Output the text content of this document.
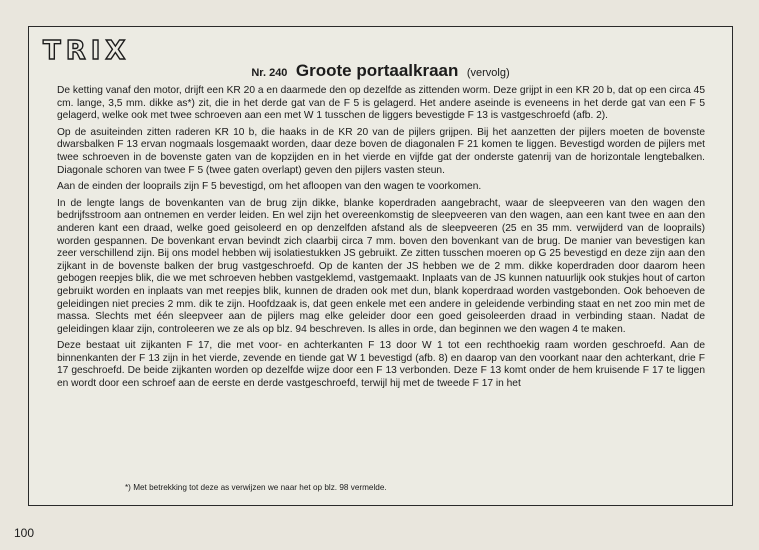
TRIX
Nr. 240 Groote portaalkraan (vervolg)

De ketting vanaf den motor, drijft een KR 20 a en daarmede den op dezelfde as zittenden worm. Deze grijpt in een KR 20 b, dat op een circa 45 cm. lange, 3,5 mm. dikke as*) zit, die in het derde gat van de F 5 is gelagerd. Het andere aseinde is eveneens in het derde gat van een F 5 gelagerd, welke ook met twee schroeven aan een met W 1 tusschen de liggers bevestigde F 13 is vastgeschroefd (afb. 2).

Op de asuiteinden zitten raderen KR 10 b, die haaks in de KR 20 van de pijlers grijpen. Bij het aanzetten der pijlers moeten de bovenste dwarsbalken F 13 ervan nogmaals losgemaakt worden, daar deze boven de diagonalen F 21 komen te liggen. Bevestigd worden de pijlers met twee schroeven in de bovenste gaten van de kopzijden en in het vierde en vijfde gat der onderste gatenrij van de horizontale lengtebalken. Diagonale schoren van twee F 5 (twee gaten overlapt) geven den pijlers vasten steun.

Aan de einden der looprails zijn F 5 bevestigd, om het afloopen van den wagen te voorkomen.

In de lengte langs de bovenkanten van de brug zijn dikke, blanke koperdraden aangebracht, waar de sleepveeren van den wagen den bedrijfsstroom aan ontnemen en verder leiden. En wel zijn het overeenkomstig de sleepveeren van den wagen, aan een kant twee en aan den anderen kant een draad, welke goed geisoleerd en op denzelfden afstand als de sleepveeren (25 en 35 mm. verwijderd van de looprails) worden gespannen. De bovenkant ervan bevindt zich claarbij circa 7 mm. boven den bovenkant van de brug. De manier van bevestigen kan zeer verschillend zijn. Bij ons model hebben wij isolatiestukken JS gebruikt. Ze zitten tusschen moeren op G 25 bevestigd en deze zijn aan den zijkant in de bovenste balken der brug vastgeschroefd. Op de kanten der JS hebben we de 2 mm. dikke koperdraden door daarom heen gebogen reepjes blik, die we met schroeven hebben vastgeklemd, vastgemaakt. Inplaats van de JS kunnen natuurlijk ook stukjes hout of carton gebruikt worden en inplaats van met reepjes blik, kunnen de draden ook met dun, blank koperdraad worden vastgebonden. Ook behoeven de geleidingen niet precies 2 mm. dik te zijn. Hoofdzaak is, dat geen enkele met een andere in geleidende verbinding staat en net zoo min met de massa. Slechts met één sleepveer aan de pijlers mag elke geleider door een goed geisoleerden draad in verbinding staan. Nadat de geleidingen klaar zijn, controleeren we ze als op blz. 94 beschreven. Is alles in orde, dan beginnen we den wagen 4 te maken.

Deze bestaat uit zijkanten F 17, die met voor- en achterkanten F 13 door W 1 tot een rechthoekig raam worden geschroefd. Aan de binnenkanten der F 13 zijn in het vierde, zevende en tiende gat W 1 bevestigd (afb. 8) en daarop van den voorkant naar den achterkant, drie F 17 geschroefd. De beide zijkanten worden op dezelfde wijze door een F 13 verbonden. Deze F 13 komt onder de hem kruisende F 17 te liggen en wordt door een schroef aan de eerste en derde vastgeschroefd, terwijl hij met de tweede F 17 in het

*) Met betrekking tot deze as verwijzen we naar het op blz. 98 vermelde.
100
